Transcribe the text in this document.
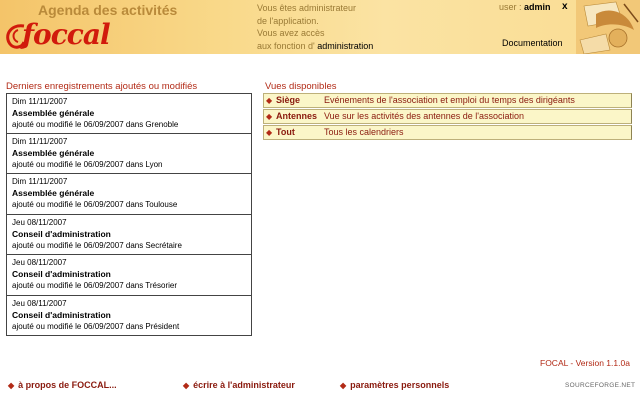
Agenda des activités
foccal
Vous êtes administrateur
de l'application.
Vous avez accès
aux fonction d' administration
user : admin x
Documentation
Derniers enregistrements ajoutés ou modifiés
Dim 11/11/2007
Assemblée générale
ajouté ou modifié le 06/09/2007 dans Grenoble
Dim 11/11/2007
Assemblée générale
ajouté ou modifié le 06/09/2007 dans Lyon
Dim 11/11/2007
Assemblée générale
ajouté ou modifié le 06/09/2007 dans Toulouse
Jeu 08/11/2007
Conseil d'administration
ajouté ou modifié le 06/09/2007 dans Secrétaire
Jeu 08/11/2007
Conseil d'administration
ajouté ou modifié le 06/09/2007 dans Trésorier
Jeu 08/11/2007
Conseil d'administration
ajouté ou modifié le 06/09/2007 dans Président
Vues disponibles
◆ Siège	Evénements de l'association et emploi du temps des dirigéants
◆ Antennes Vue sur les activités des antennes de l'association
◆ Tout	Tous les calendriers
FOCAL - Version 1.1.0a
◆ à propos de FOCCAL...	◆ écrire à l'administrateur	◆ paramètres personnels	SOURCEFORGE.NET
